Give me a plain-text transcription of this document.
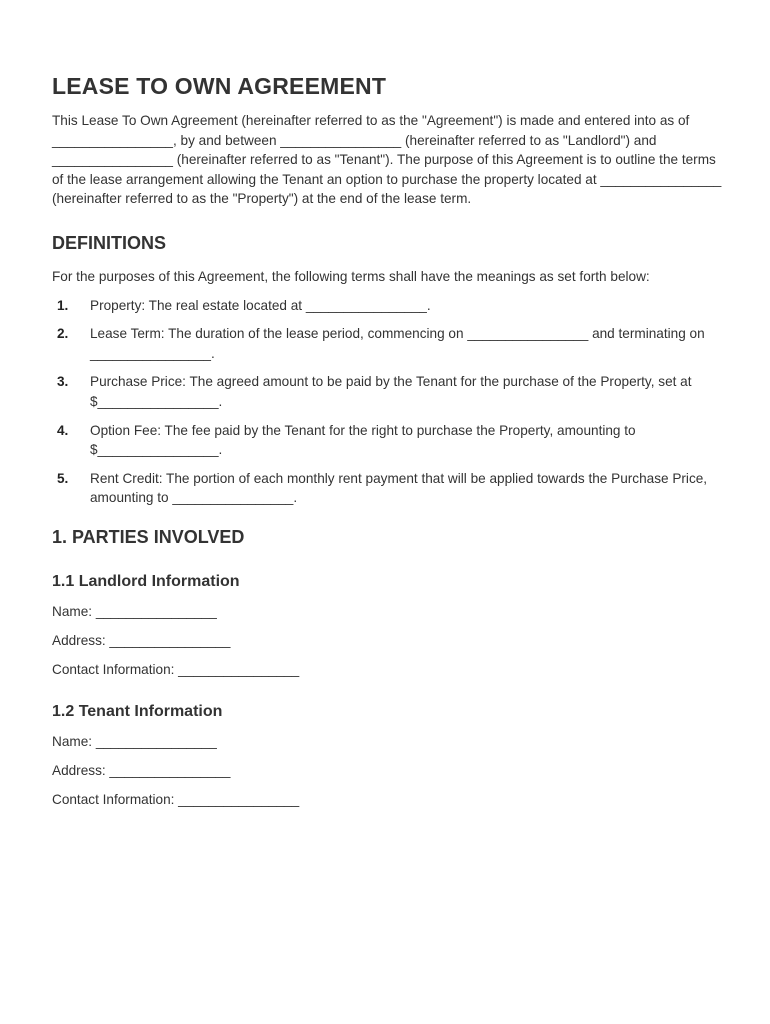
LEASE TO OWN AGREEMENT

This Lease To Own Agreement (hereinafter referred to as the "Agreement") is made and entered into as of ________________, by and between ________________ (hereinafter referred to as "Landlord") and ________________ (hereinafter referred to as "Tenant"). The purpose of this Agreement is to outline the terms of the lease arrangement allowing the Tenant an option to purchase the property located at ________________ (hereinafter referred to as the "Property") at the end of the lease term.

DEFINITIONS

For the purposes of this Agreement, the following terms shall have the meanings as set forth below:

1. Property: The real estate located at ________________.
2. Lease Term: The duration of the lease period, commencing on ________________ and terminating on ________________.
3. Purchase Price: The agreed amount to be paid by the Tenant for the purchase of the Property, set at $________________.
4. Option Fee: The fee paid by the Tenant for the right to purchase the Property, amounting to $________________.
5. Rent Credit: The portion of each monthly rent payment that will be applied towards the Purchase Price, amounting to ________________.
1. PARTIES INVOLVED
1.1 Landlord Information
Name: ________________
Address: ________________
Contact Information: ________________
1.2 Tenant Information
Name: ________________
Address: ________________
Contact Information: ________________
